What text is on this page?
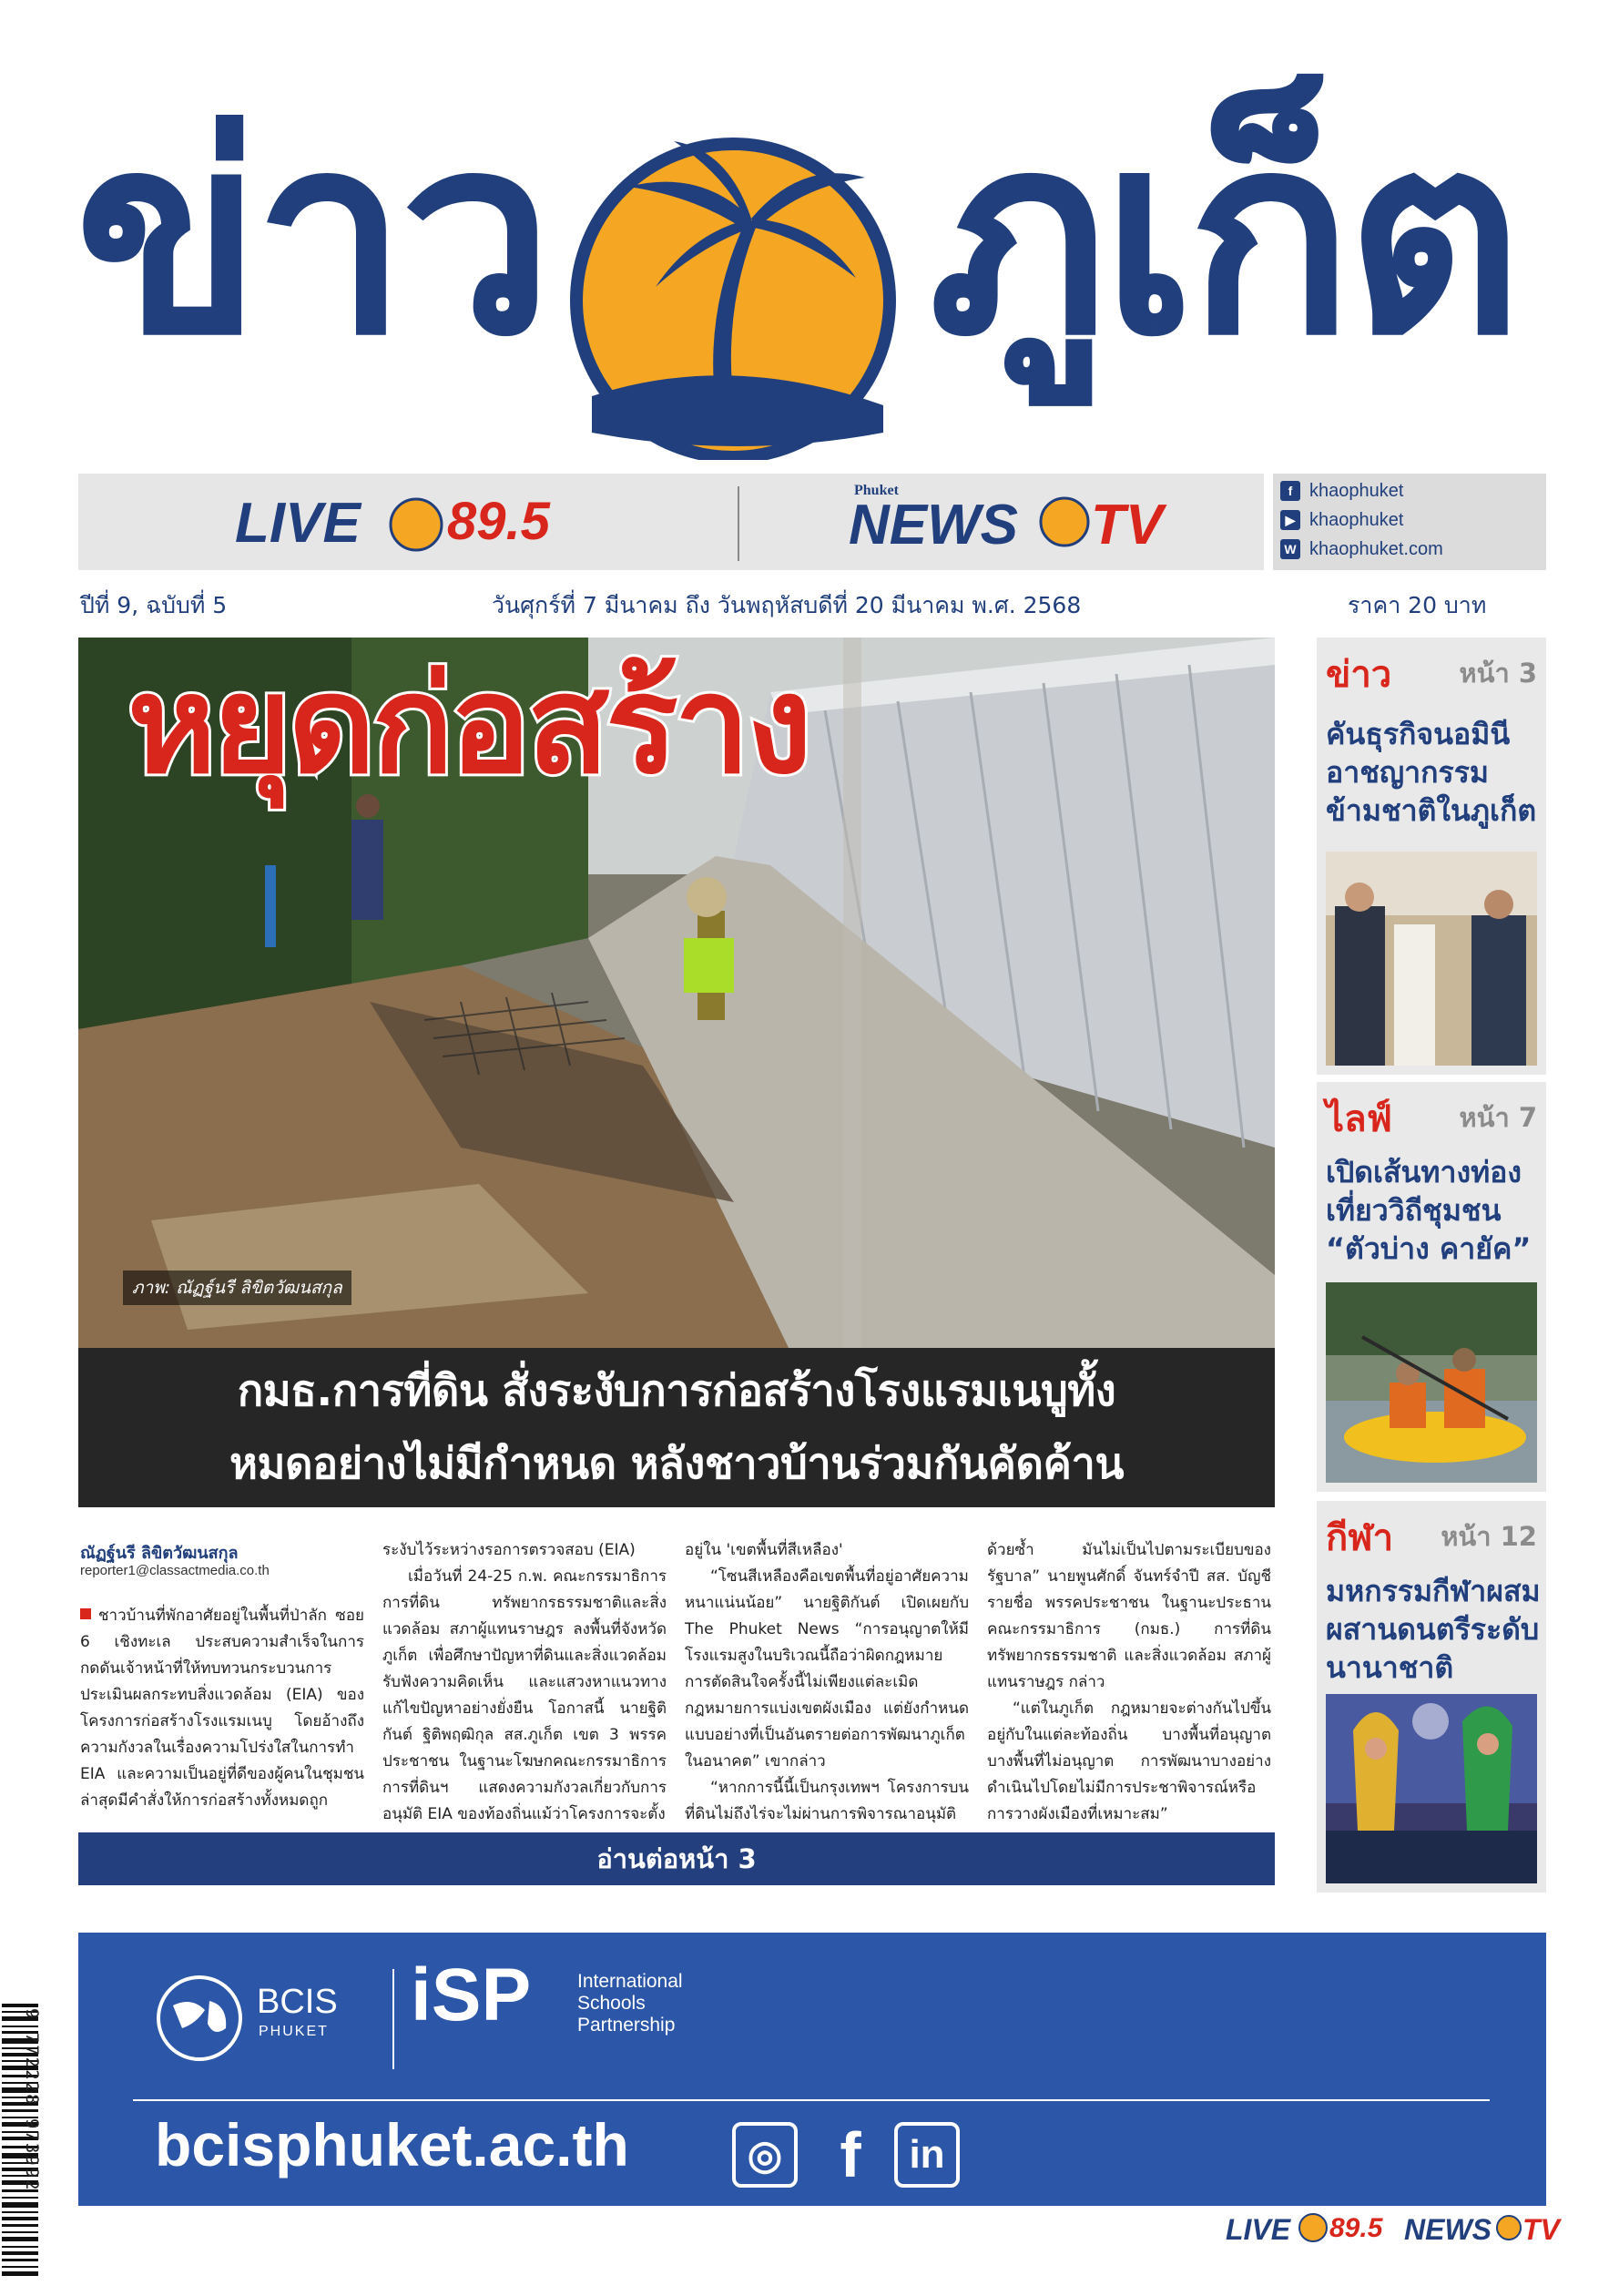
ข่าว ภูเก็ต
LIVE 89.5
Phuket
NEWS TV
f khaophuket
▶ khaophuket
W khaophuket.com
ปีที่ 9, ฉบับที่ 5	วันศุกร์ที่ 7 มีนาคม ถึง วันพฤหัสบดีที่ 20 มีนาคม พ.ศ. 2568	ราคา 20 บาท
หยุดก่อสร้าง
ภาพ: ณัฏฐ์นรี ลิขิตวัฒนสกุล
กมธ.การที่ดิน สั่งระงับการก่อสร้างโรงแรมเนบูทั้ง
หมดอย่างไม่มีกำหนด หลังชาวบ้านร่วมกันคัดค้าน
ณัฏฐ์นรี ลิขิตวัฒนสกุล
reporter1@classactmedia.co.th

ชาวบ้านที่พักอาศัยอยู่ในพื้นที่ป่าลัก ซอย 6 เชิงทะเล ประสบความสำเร็จในการกดดันเจ้าหน้าที่ให้ทบทวนกระบวนการประเมินผลกระทบสิ่งแวดล้อม (EIA) ของโครงการก่อสร้างโรงแรมเนบู โดยอ้างถึงความกังวลในเรื่องความโปร่งใสในการทำ EIA และความเป็นอยู่ที่ดีของผู้คนในชุมชน ล่าสุดมีคำสั่งให้การก่อสร้างทั้งหมดถูก

ระงับไว้ระหว่างรอการตรวจสอบ (EIA)

เมื่อวันที่ 24-25 ก.พ. คณะกรรมาธิการการที่ดิน ทรัพยากรธรรมชาติและสิ่งแวดล้อม สภาผู้แทนราษฎร ลงพื้นที่จังหวัดภูเก็ต เพื่อศึกษาปัญหาที่ดินและสิ่งแวดล้อม รับฟังความคิดเห็น และแสวงหาแนวทางแก้ไขปัญหาอย่างยั่งยืน โอกาสนี้ นายฐิติกันต์ ฐิติพฤฒิกุล สส.ภูเก็ต เขต 3 พรรคประชาชน ในฐานะโฆษกคณะกรรมาธิการการที่ดินฯ แสดงความกังวลเกี่ยวกับการอนุมัติ EIA ของท้องถิ่นแม้ว่าโครงการจะตั้ง

อยู่ใน 'เขตพื้นที่สีเหลือง'

“โซนสีเหลืองคือเขตพื้นที่อยู่อาศัยความหนาแน่นน้อย” นายฐิติกันต์ เปิดเผยกับ The Phuket News “การอนุญาตให้มีโรงแรมสูงในบริเวณนี้ถือว่าผิดกฎหมาย การตัดสินใจครั้งนี้ไม่เพียงแต่ละเมิดกฎหมายการแบ่งเขตผังเมือง แต่ยังกำหนดแบบอย่างที่เป็นอันตรายต่อการพัฒนาภูเก็ตในอนาคต” เขากล่าว

“หากการนี้นี้เป็นกรุงเทพฯ โครงการบนที่ดินไม่ถึงไร่จะไม่ผ่านการพิจารณาอนุมัติ

ด้วยซ้ำ มันไม่เป็นไปตามระเบียบของรัฐบาล” นายพูนศักดิ์ จันทร์จำปี สส. บัญชีรายชื่อ พรรคประชาชน ในฐานะประธานคณะกรรมาธิการ (กมธ.) การที่ดิน ทรัพยากรธรรมชาติ และสิ่งแวดล้อม สภาผู้แทนราษฎร กล่าว

“แต่ในภูเก็ต กฎหมายจะต่างกันไปขึ้นอยู่กับในแต่ละท้องถิ่น บางพื้นที่อนุญาต บางพื้นที่ไม่อนุญาต การพัฒนาบางอย่างดำเนินไปโดยไม่มีการประชาพิจารณ์หรือการวางผังเมืองที่เหมาะสม”

อ่านต่อหน้า 3
ข่าว	หน้า 3
คันธุรกิจนอมินี อาชญากรรม ข้ามชาติในภูเก็ต
ไลฟ์	หน้า 7
เปิดเส้นทางท่องเที่ยววิถีชุมชน “ตัวบ่าง คายัค”
กีฬา หน้า 12
มหกรรมกีฬาผสมผสานดนตรีระดับนานาชาติ
BCIS
PHUKET iSP International
Schools
Partnership
bcisphuket.ac.th	◎ f	in
9 772228 973992
LIVE 89.5 NEWS TV
